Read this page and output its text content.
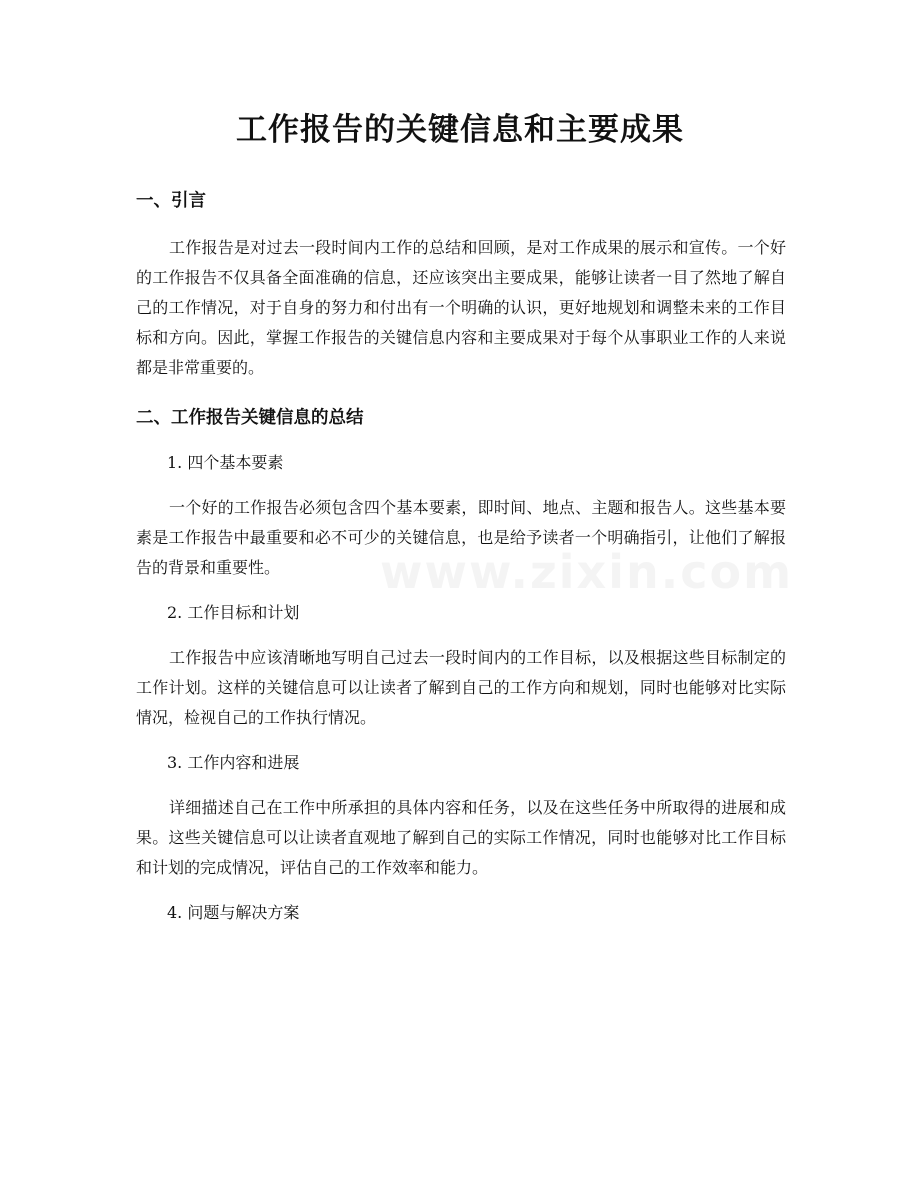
工作报告的关键信息和主要成果
www.zixin.com

一、引言

工作报告是对过去一段时间内工作的总结和回顾，是对工作成果的展示和宣传。一个好的工作报告不仅具备全面准确的信息，还应该突出主要成果，能够让读者一目了然地了解自己的工作情况，对于自身的努力和付出有一个明确的认识，更好地规划和调整未来的工作目标和方向。因此，掌握工作报告的关键信息内容和主要成果对于每个从事职业工作的人来说都是非常重要的。

二、工作报告关键信息的总结

1. 四个基本要素

一个好的工作报告必须包含四个基本要素，即时间、地点、主题和报告人。这些基本要素是工作报告中最重要和必不可少的关键信息，也是给予读者一个明确指引，让他们了解报告的背景和重要性。

2. 工作目标和计划

工作报告中应该清晰地写明自己过去一段时间内的工作目标，以及根据这些目标制定的工作计划。这样的关键信息可以让读者了解到自己的工作方向和规划，同时也能够对比实际情况，检视自己的工作执行情况。

3. 工作内容和进展

详细描述自己在工作中所承担的具体内容和任务，以及在这些任务中所取得的进展和成果。这些关键信息可以让读者直观地了解到自己的实际工作情况，同时也能够对比工作目标和计划的完成情况，评估自己的工作效率和能力。

4. 问题与解决方案
